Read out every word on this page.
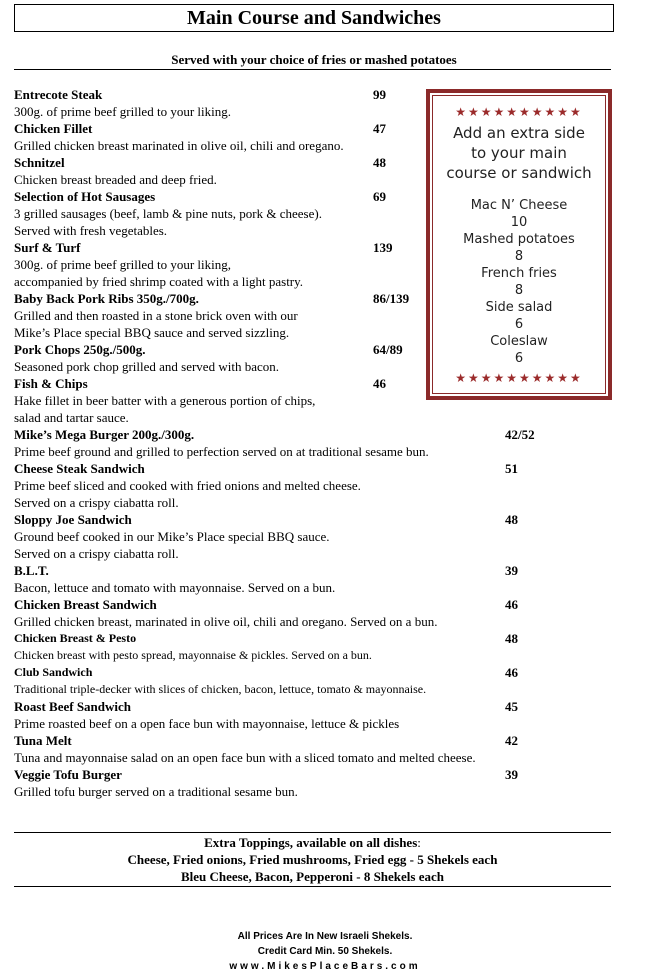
Main Course and Sandwiches
Served with your choice of fries or mashed potatoes
Entrecote Steak	99
300g. of prime beef grilled to your liking.
Chicken Fillet	47
Grilled chicken breast marinated in olive oil, chili and oregano.
Schnitzel	48
Chicken breast breaded and deep fried.
Selection of Hot Sausages	69
3 grilled sausages (beef, lamb & pine nuts, pork & cheese).
Served with fresh vegetables.
Surf & Turf	139
300g. of prime beef grilled to your liking,
accompanied by fried shrimp coated with a light pastry.
Baby Back Pork Ribs 350g./700g.	86/139
Grilled and then roasted in a stone brick oven with our
Mike’s Place special BBQ sauce and served sizzling.
Pork Chops 250g./500g.	64/89
Seasoned pork chop grilled and served with bacon.
Fish & Chips	46
Hake fillet in beer batter with a generous portion of chips,
salad and tartar sauce.
Mike’s Mega Burger 200g./300g.	42/52
Prime beef ground and grilled to perfection served on at traditional sesame bun.
Cheese Steak Sandwich	51
Prime beef sliced and cooked with fried onions and melted cheese.
Served on a crispy ciabatta roll.
Sloppy Joe Sandwich	48
Ground beef cooked in our Mike’s Place special BBQ sauce.
Served on a crispy ciabatta roll.
B.L.T.	39
Bacon, lettuce and tomato with mayonnaise. Served on a bun.
Chicken Breast Sandwich	46
Grilled chicken breast, marinated in olive oil, chili and oregano. Served on a bun.
Chicken Breast & Pesto	48
Chicken breast with pesto spread, mayonnaise & pickles. Served on a bun.
Club Sandwich	46
Traditional triple-decker with slices of chicken, bacon, lettuce, tomato & mayonnaise.
Roast Beef Sandwich	45
Prime roasted beef on a open face bun with mayonnaise, lettuce & pickles
Tuna Melt	42
Tuna and mayonnaise salad on an open face bun with a sliced tomato and melted cheese.
Veggie Tofu Burger	39
Grilled tofu burger served on a traditional sesame bun.
★★★★★★★★★★
Add an extra side
to your main
course or sandwich
Mac N’ Cheese
10
Mashed potatoes
8
French fries
8
Side salad
6
Coleslaw
6
★★★★★★★★★★
Extra Toppings, available on all dishes:
Cheese, Fried onions, Fried mushrooms, Fried egg - 5 Shekels each
Bleu Cheese, Bacon, Pepperoni - 8 Shekels each
All Prices Are In New Israeli Shekels.
Credit Card Min. 50 Shekels.
www.MikesPlaceBars.com
